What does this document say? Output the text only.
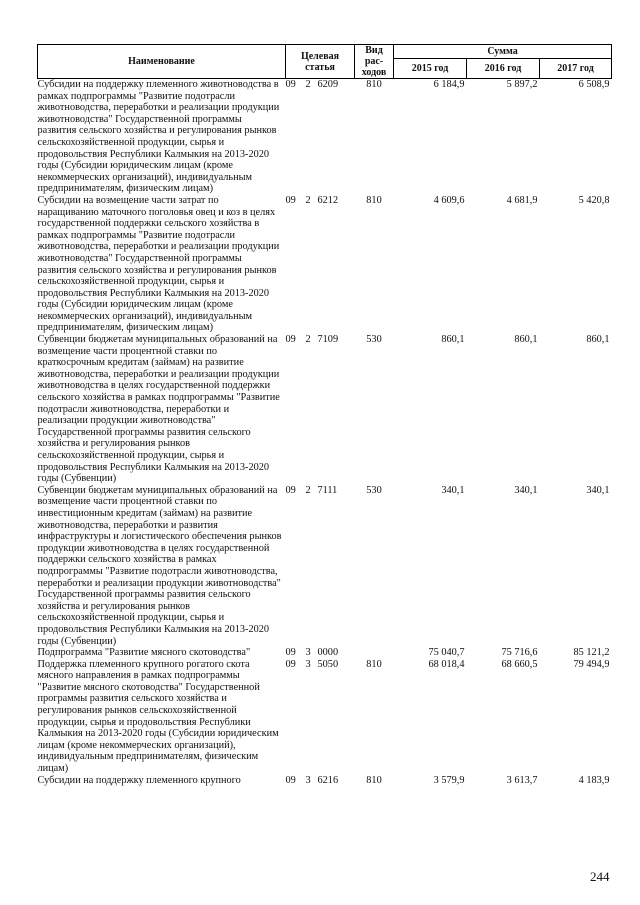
Наименование	Целевая статья			Вид рас-ходов	Сумма		
					2015 год	2016 год	2017 год
Субсидии на поддержку племенного животноводства в рамках подпрограммы "Развитие подотрасли животноводства, переработки и реализации продукции животноводства" Государственной программы развития сельского хозяйства и регулирования рынков сельскохозяйственной продукции, сырья и продовольствия Республики Калмыкия на 2013-2020 годы (Субсидии юридическим лицам (кроме некоммерческих организаций), индивидуальным предпринимателям, физическим лицам)	09	2	6209	810	6 184,9	5 897,2	6 508,9
Субсидии на возмещение части затрат по наращиванию маточного поголовья овец и коз в целях государственной поддержки сельского хозяйства в рамках подпрограммы "Развитие подотрасли животноводства, переработки и реализации продукции животноводства" Государственной программы развития сельского хозяйства и регулирования рынков сельскохозяйственной продукции, сырья и продовольствия Республики Калмыкия на 2013-2020 годы (Субсидии юридическим лицам (кроме некоммерческих организаций), индивидуальным предпринимателям, физическим лицам)	09	2	6212	810	4 609,6	4 681,9	5 420,8
Субвенции бюджетам муниципальных образований на возмещение части процентной ставки по краткосрочным кредитам (займам) на развитие животноводства, переработки и реализации продукции животноводства в целях государственной поддержки сельского хозяйства в рамках подпрограммы "Развитие подотрасли животноводства, переработки и реализации продукции животноводства" Государственной программы развития сельского хозяйства и регулирования рынков сельскохозяйственной продукции, сырья и продовольствия Республики Калмыкия на 2013-2020 годы (Субвенции)	09	2	7109	530	860,1	860,1	860,1
Субвенции бюджетам муниципальных образований на возмещение части процентной ставки по инвестиционным кредитам (займам) на развитие животноводства, переработки и развития инфраструктуры и логистического обеспечения рынков продукции животноводства в целях государственной поддержки сельского хозяйства в рамках подпрограммы "Развитие подотрасли животноводства, переработки и реализации продукции животноводства" Государственной программы развития сельского хозяйства и регулирования рынков сельскохозяйственной продукции, сырья и продовольствия Республики Калмыкия на 2013-2020 годы (Субвенции)	09	2	7111	530	340,1	340,1	340,1
Подпрограмма "Развитие мясного скотоводства"	09	3	0000		75 040,7	75 716,6	85 121,2
Поддержка племенного крупного рогатого скота мясного направления в рамках подпрограммы "Развитие мясного скотоводства" Государственной программы развития сельского хозяйства и регулирования рынков сельскохозяйственной продукции, сырья и продовольствия Республики Калмыкия на 2013-2020 годы (Субсидии юридическим лицам (кроме некоммерческих организаций), индивидуальным предпринимателям, физическим лицам)	09	3	5050	810	68 018,4	68 660,5	79 494,9
Субсидии на поддержку племенного крупного	09	3	6216	810	3 579,9	3 613,7	4 183,9
244
